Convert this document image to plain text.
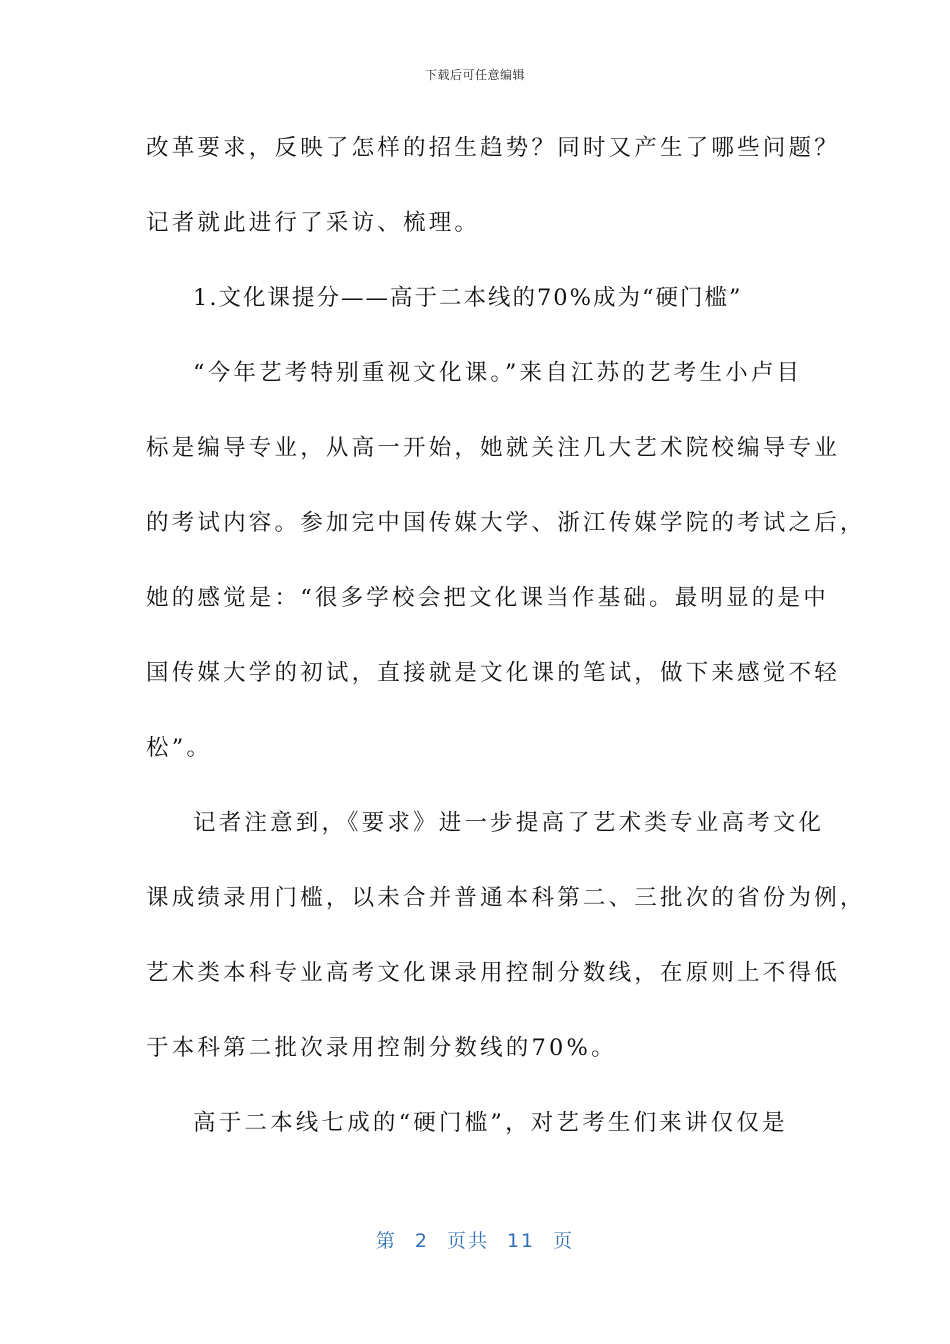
下载后可任意编辑
改革要求，反映了怎样的招生趋势？同时又产生了哪些问题？
记者就此进行了采访、梳理。
1.文化课提分——高于二本线的70%成为“硬门槛”
“今年艺考特别重视文化课。”来自江苏的艺考生小卢目
标是编导专业，从高一开始，她就关注几大艺术院校编导专业
的考试内容。参加完中国传媒大学、浙江传媒学院的考试之后，
她的感觉是：“很多学校会把文化课当作基础。最明显的是中
国传媒大学的初试，直接就是文化课的笔试，做下来感觉不轻
松”。
记者注意到，《要求》进一步提高了艺术类专业高考文化
课成绩录用门槛，以未合并普通本科第二、三批次的省份为例，
艺术类本科专业高考文化课录用控制分数线，在原则上不得低
于本科第二批次录用控制分数线的70%。
高于二本线七成的“硬门槛”，对艺考生们来讲仅仅是
第 2 页共 11 页
